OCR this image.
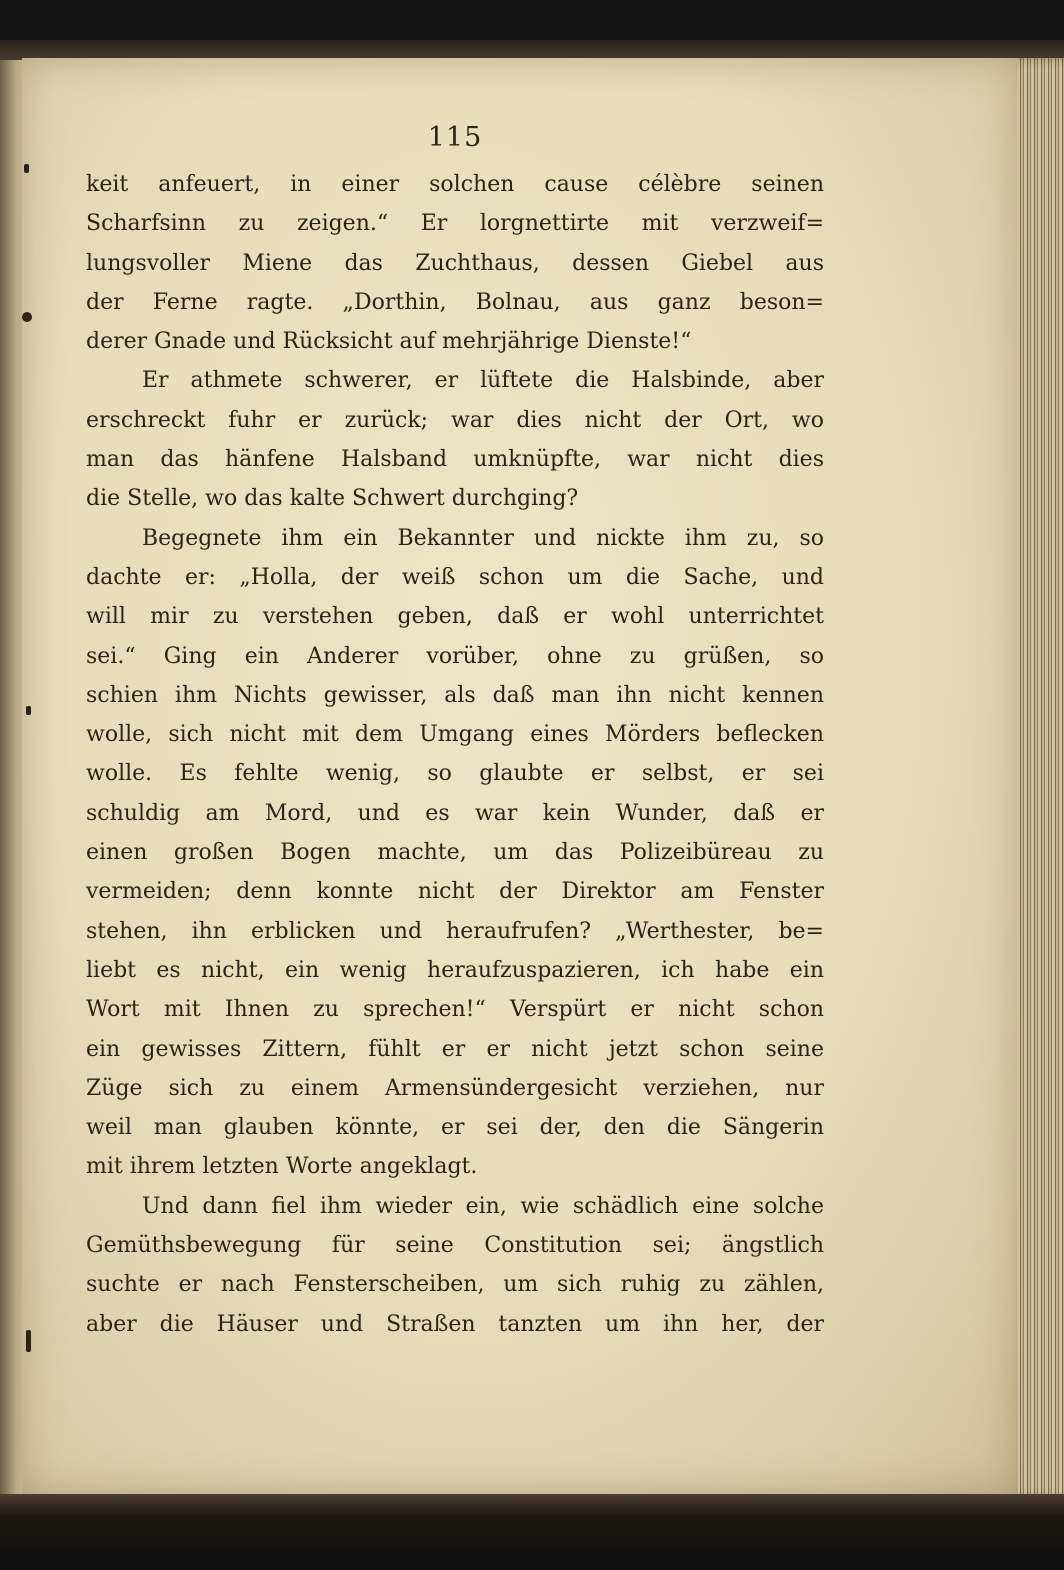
115
keit anfeuert, in einer solchen cause célèbre seinen
Scharfsinn zu zeigen.“ Er lorgnettirte mit verzweif=
lungsvoller Miene das Zuchthaus, dessen Giebel aus
der Ferne ragte. „Dorthin, Bolnau, aus ganz beson=
derer Gnade und Rücksicht auf mehrjährige Dienste!“
Er athmete schwerer, er lüftete die Halsbinde, aber
erschreckt fuhr er zurück; war dies nicht der Ort, wo
man das hänfene Halsband umknüpfte, war nicht dies
die Stelle, wo das kalte Schwert durchging?
Begegnete ihm ein Bekannter und nickte ihm zu, so
dachte er: „Holla, der weiß schon um die Sache, und
will mir zu verstehen geben, daß er wohl unterrichtet
sei.“ Ging ein Anderer vorüber, ohne zu grüßen, so
schien ihm Nichts gewisser, als daß man ihn nicht kennen
wolle, sich nicht mit dem Umgang eines Mörders beflecken
wolle. Es fehlte wenig, so glaubte er selbst, er sei
schuldig am Mord, und es war kein Wunder, daß er
einen großen Bogen machte, um das Polizeibüreau zu
vermeiden; denn konnte nicht der Direktor am Fenster
stehen, ihn erblicken und heraufrufen? „Werthester, be=
liebt es nicht, ein wenig heraufzuspazieren, ich habe ein
Wort mit Ihnen zu sprechen!“ Verspürt er nicht schon
ein gewisses Zittern, fühlt er er nicht jetzt schon seine
Züge sich zu einem Armensündergesicht verziehen, nur
weil man glauben könnte, er sei der, den die Sängerin
mit ihrem letzten Worte angeklagt.
Und dann fiel ihm wieder ein, wie schädlich eine solche
Gemüthsbewegung für seine Constitution sei; ängstlich
suchte er nach Fensterscheiben, um sich ruhig zu zählen,
aber die Häuser und Straßen tanzten um ihn her, der
